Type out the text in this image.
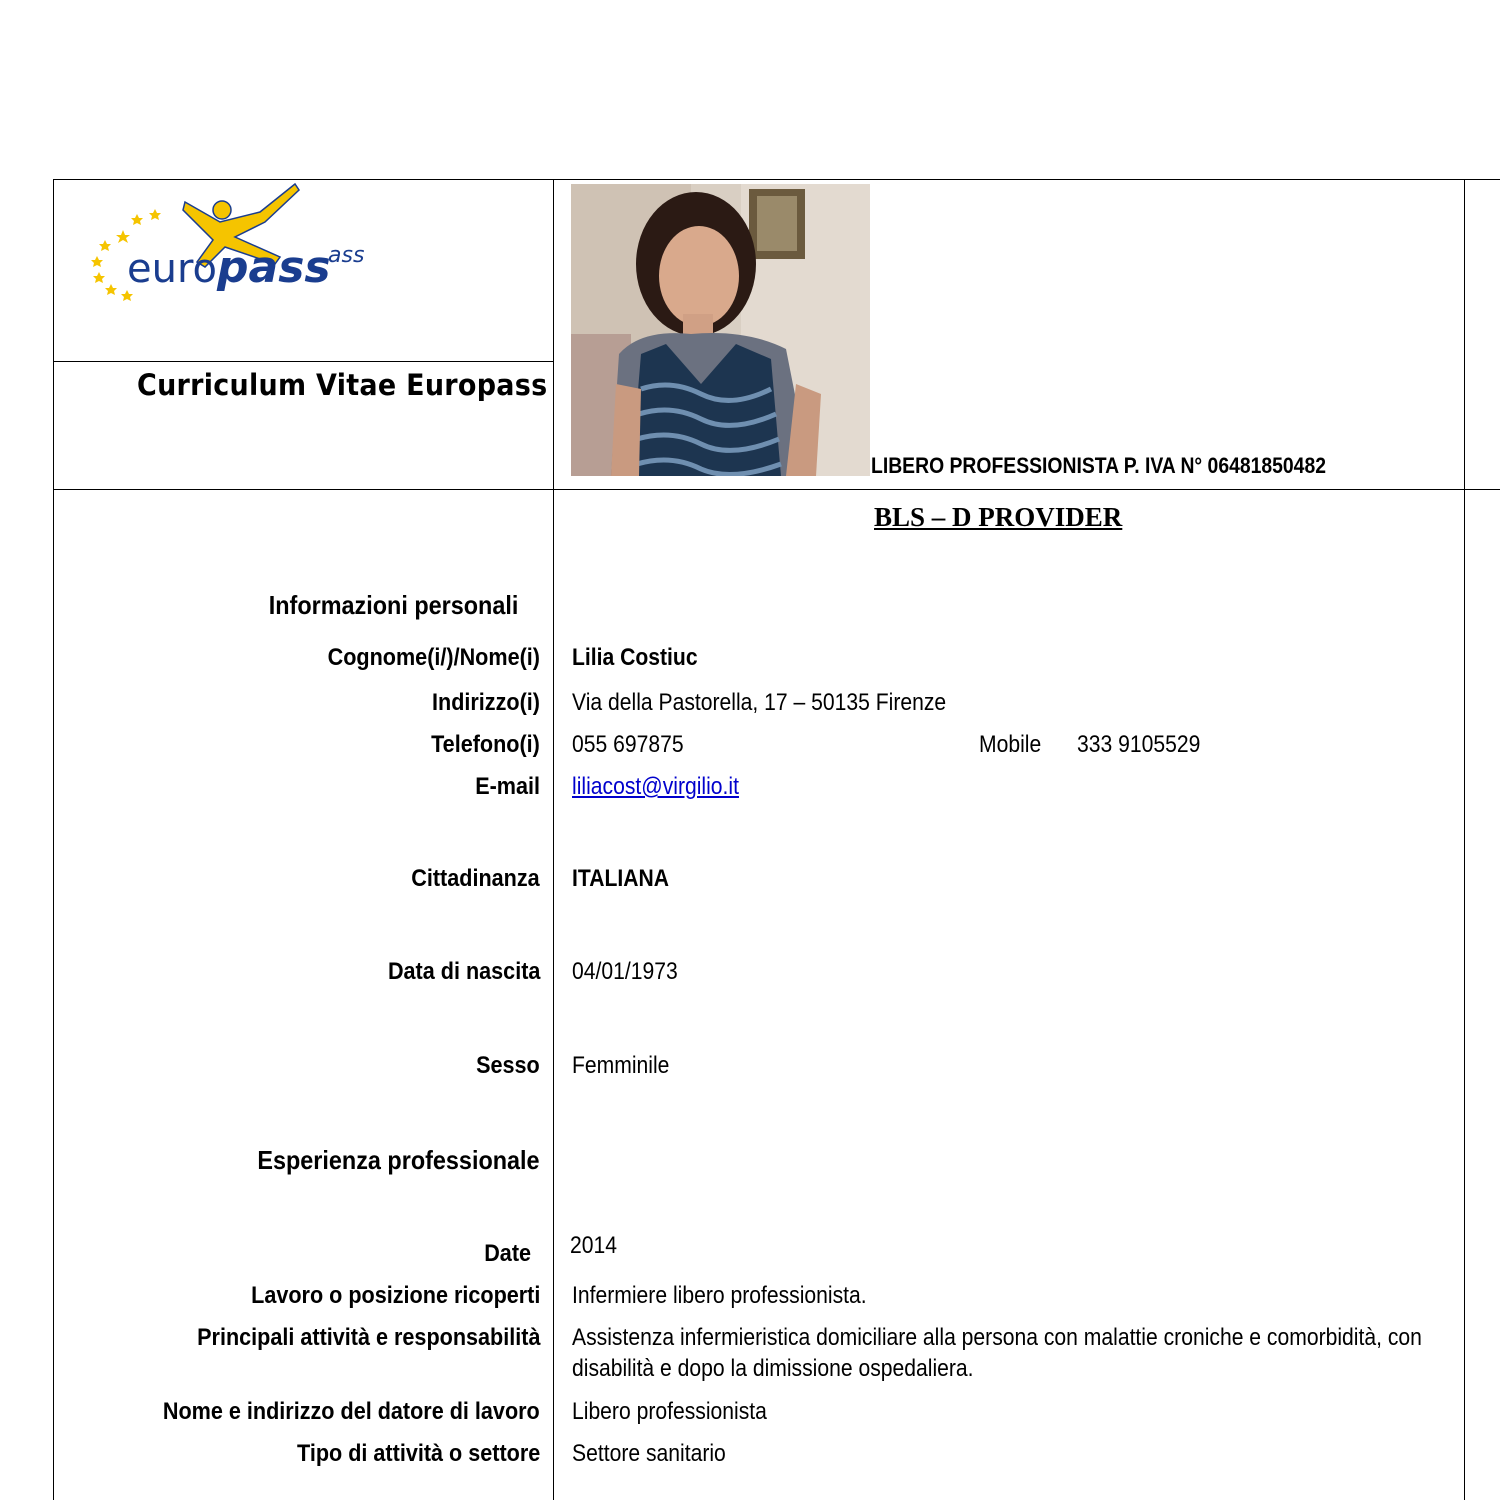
euro pass
ass
Curriculum Vitae Europass
LIBERO PROFESSIONISTA P. IVA N° 06481850482
BLS – D PROVIDER
Informazioni personali
Cognome(i/)/Nome(i) Lilia Costiuc
Indirizzo(i) Via della Pastorella, 17 – 50135 Firenze
Telefono(i) 055 697875	Mobile 333 9105529
E-mail liliacost@virgilio.it
Cittadinanza ITALIANA
Data di nascita 04/01/1973
Sesso Femminile
Esperienza professionale
Date 2014
Lavoro o posizione ricoperti Infermiere libero professionista.
Principali attività e responsabilità Assistenza infermieristica domiciliare alla persona con malattie croniche e comorbidità, con disabilità e dopo la dimissione ospedaliera.
Nome e indirizzo del datore di lavoro Libero professionista
Tipo di attività o settore Settore sanitario
